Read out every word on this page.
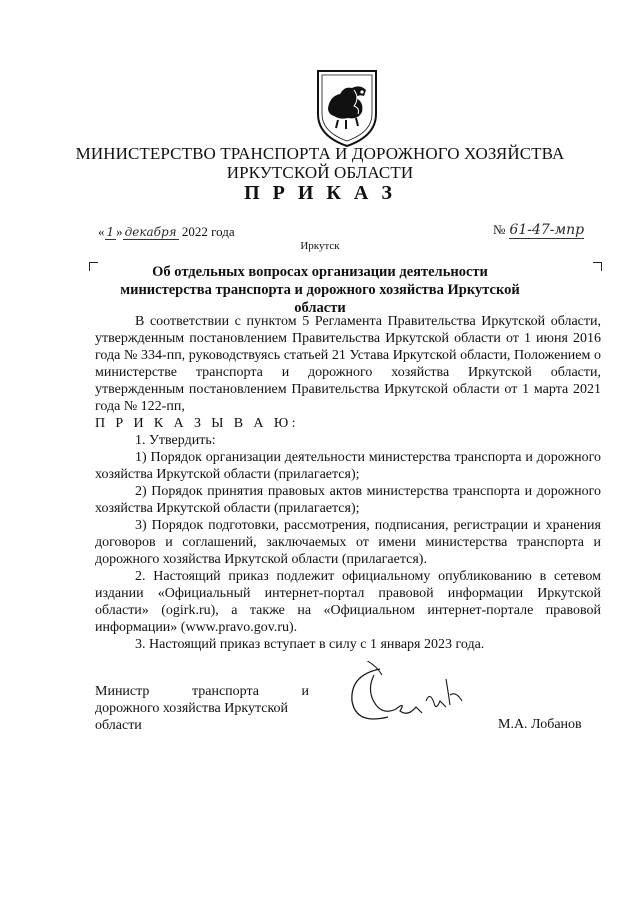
МИНИСТЕРСТВО ТРАНСПОРТА И ДОРОЖНОГО ХОЗЯЙСТВА
ИРКУТСКОЙ ОБЛАСТИ
П Р И К А З
« 1 » декабря 2022 года	№ 61-47-мпр
Иркутск
Об отдельных вопросах организации деятельности министерства транспорта и дорожного хозяйства Иркутской области

В соответствии с пунктом 5 Регламента Правительства Иркутской области, утвержденным постановлением Правительства Иркутской области от 1 июня 2016 года № 334-пп, руководствуясь статьей 21 Устава Иркутской области, Положением о министерстве транспорта и дорожного хозяйства Иркутской области, утвержденным постановлением Правительства Иркутской области от 1 марта 2021 года № 122-пп,

П Р И К А З Ы В А Ю:

1. Утвердить:

1) Порядок организации деятельности министерства транспорта и дорожного хозяйства Иркутской области (прилагается);

2) Порядок принятия правовых актов министерства транспорта и дорожного хозяйства Иркутской области (прилагается);

3) Порядок подготовки, рассмотрения, подписания, регистрации и хранения договоров и соглашений, заключаемых от имени министерства транспорта и дорожного хозяйства Иркутской области (прилагается).

2. Настоящий приказ подлежит официальному опубликованию в сетевом издании «Официальный интернет-портал правовой информации Иркутской области» (ogirk.ru), а также на «Официальном интернет-портале правовой информации» (www.pravo.gov.ru).

3. Настоящий приказ вступает в силу с 1 января 2023 года.

Министр	транспорта	и
дорожного хозяйства Иркутской
области	М.А. Лобанов
